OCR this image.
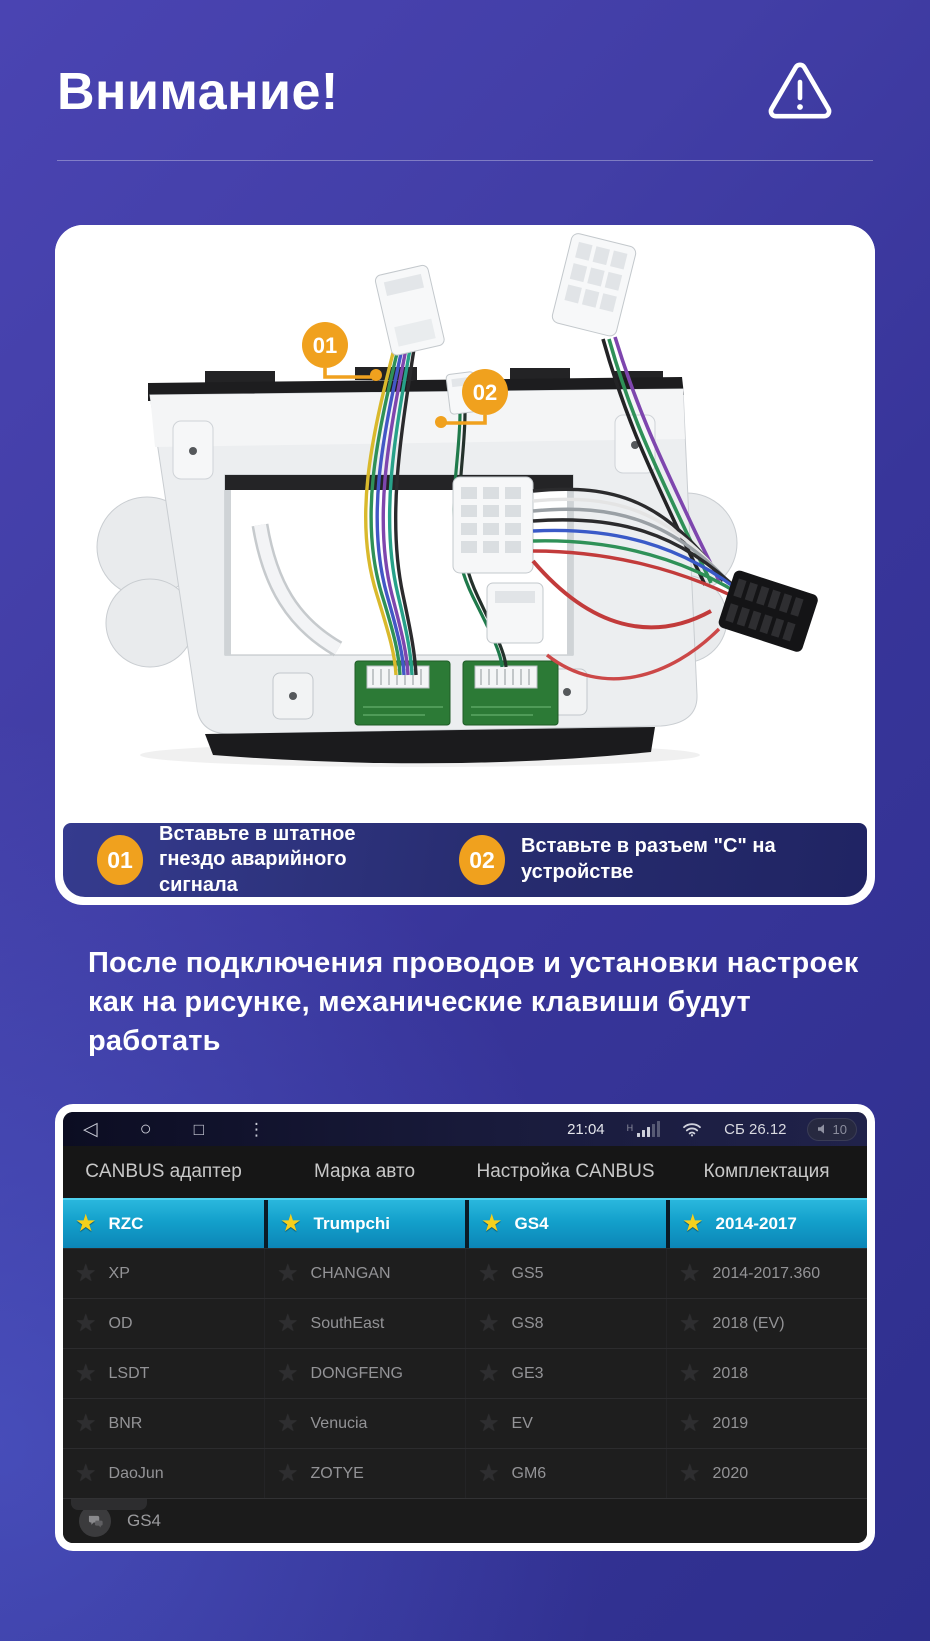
Внимание!
01
02
01
Вставьте в штатное гнездо аварийного сигнала
02
Вставьте в разъем "C" на устройстве
После подключения проводов и установки настроек как на рисунке, механические клавиши будут работать
◁ ○ □	⋮	21:04 H	СБ 26.12	10
CANBUS адаптер	Марка авто	Настройка CANBUS	Комплектация
★
RZC ★	Trumpchi ★	GS4 ★	2014-2017
★
XP ★	CHANGAN ★	GS5 ★	2014-2017.360
★
OD ★	SouthEast ★	GS8 ★	2018 (EV)
★
LSDT ★	DONGFENG ★	GE3 ★	2018
★
BNR ★	Venucia ★	EV ★	2019
★
DaoJun ★	ZOTYE ★	GM6 ★	2020
GS4
